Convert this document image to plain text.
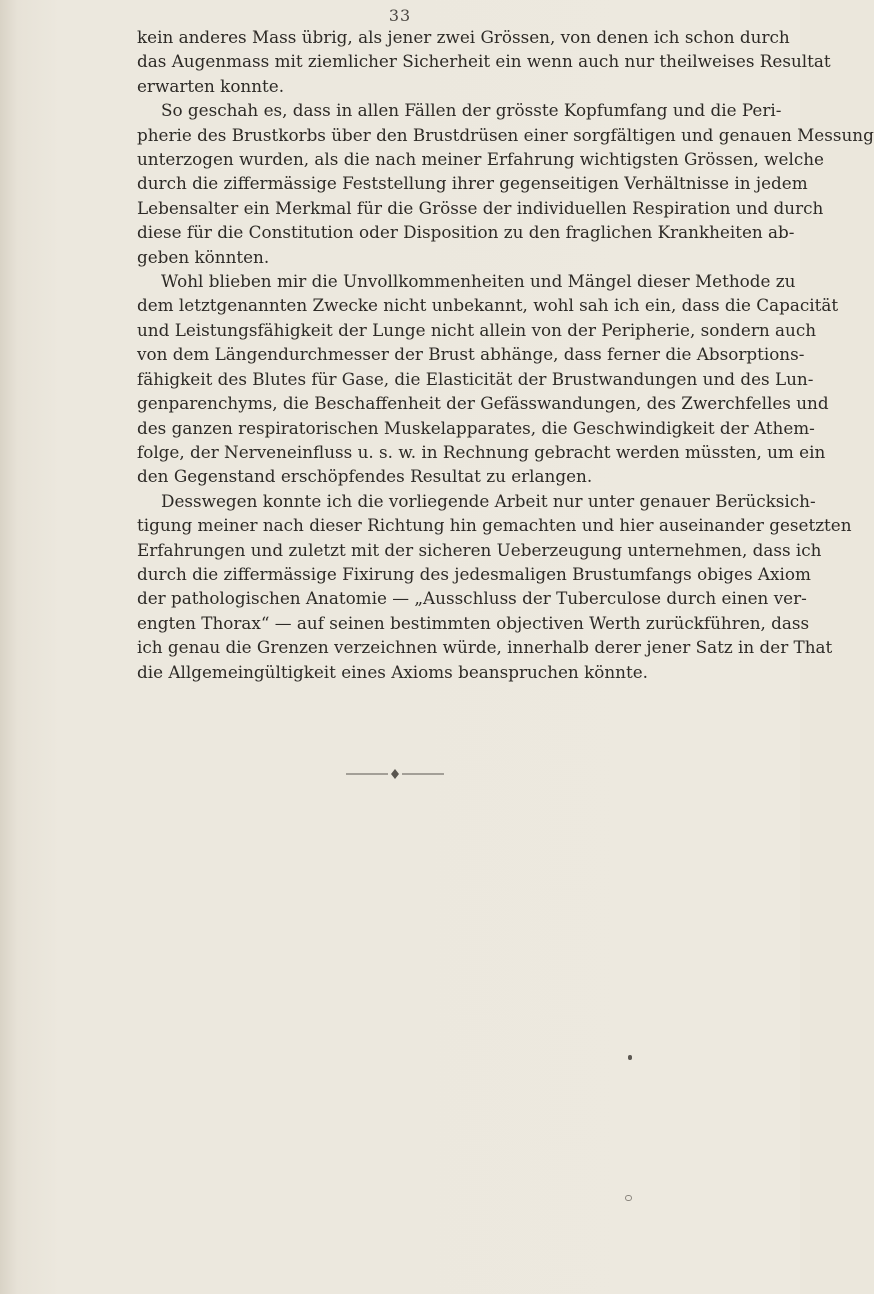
33

kein anderes Mass übrig, als jener zwei Grössen, von denen ich schon durch
das Augenmass mit ziemlicher Sicherheit ein wenn auch nur theilweises Resultat
erwarten konnte.

So geschah es, dass in allen Fällen der grösste Kopfumfang und die Peri-
pherie des Brustkorbs über den Brustdrüsen einer sorgfältigen und genauen Messung
unterzogen wurden, als die nach meiner Erfahrung wichtigsten Grössen, welche
durch die ziffermässige Feststellung ihrer gegenseitigen Verhältnisse in jedem
Lebensalter ein Merkmal für die Grösse der individuellen Respiration und durch
diese für die Constitution oder Disposition zu den fraglichen Krankheiten ab-
geben könnten.

Wohl blieben mir die Unvollkommenheiten und Mängel dieser Methode zu
dem letztgenannten Zwecke nicht unbekannt, wohl sah ich ein, dass die Capacität
und Leistungsfähigkeit der Lunge nicht allein von der Peripherie, sondern auch
von dem Längendurchmesser der Brust abhänge, dass ferner die Absorptions-
fähigkeit des Blutes für Gase, die Elasticität der Brustwandungen und des Lun-
genparenchyms, die Beschaffenheit der Gefässwandungen, des Zwerchfelles und
des ganzen respiratorischen Muskelapparates, die Geschwindigkeit der Athem-
folge, der Nerveneinfluss u. s. w. in Rechnung gebracht werden müssten, um ein
den Gegenstand erschöpfendes Resultat zu erlangen.

Desswegen konnte ich die vorliegende Arbeit nur unter genauer Berücksich-
tigung meiner nach dieser Richtung hin gemachten und hier auseinander gesetzten
Erfahrungen und zuletzt mit der sicheren Ueberzeugung unternehmen, dass ich
durch die ziffermässige Fixirung des jedesmaligen Brustumfangs obiges Axiom
der pathologischen Anatomie — „Ausschluss der Tuberculose durch einen ver-
engten Thorax“ — auf seinen bestimmten objectiven Werth zurückführen, dass
ich genau die Grenzen verzeichnen würde, innerhalb derer jener Satz in der That
die Allgemeingültigkeit eines Axioms beanspruchen könnte.
